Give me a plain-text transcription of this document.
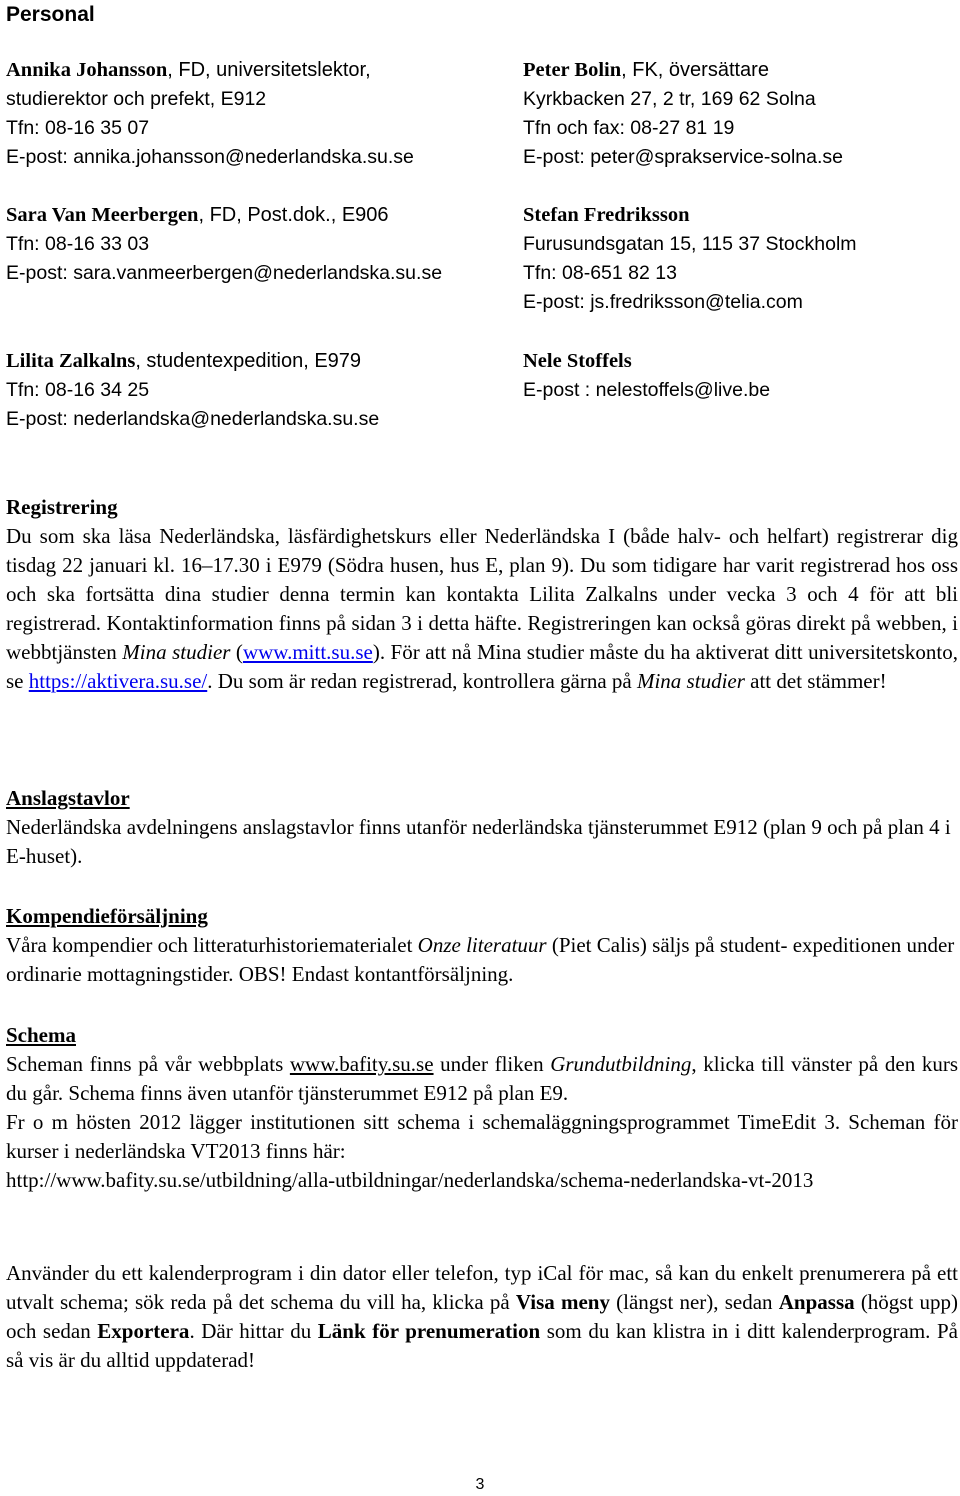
Personal
Annika Johansson, FD, universitetslektor,
studierektor och prefekt, E912
Tfn: 08-16 35 07
E-post: annika.johansson@nederlandska.su.se
Sara Van Meerbergen, FD, Post.dok., E906
Tfn: 08-16 33 03
E-post: sara.vanmeerbergen@nederlandska.su.se
Lilita Zalkalns, studentexpedition, E979
Tfn: 08-16 34 25
E-post: nederlandska@nederlandska.su.se
Peter Bolin, FK, översättare
Kyrkbacken 27, 2 tr, 169 62 Solna
Tfn och fax: 08-27 81 19
E-post: peter@sprakservice-solna.se
Stefan Fredriksson
Furusundsgatan 15, 115 37 Stockholm
Tfn: 08-651 82 13
E-post: js.fredriksson@telia.com
Nele Stoffels
E-post : nelestoffels@live.be

Registrering

Du som ska läsa Nederländska, läsfärdighetskurs eller Nederländska I (både halv- och helfart) registrerar dig tisdag 22 januari kl. 16–17.30 i E979 (Södra husen, hus E, plan 9). Du som tidigare har varit registrerad hos oss och ska fortsätta dina studier denna termin kan kontakta Lilita Zalkalns under vecka 3 och 4 för att bli registrerad. Kontaktinformation finns på sidan 3 i detta häfte. Registreringen kan också göras direkt på webben, i webbtjänsten Mina studier (www.mitt.su.se). För att nå Mina studier måste du ha aktiverat ditt universitetskonto, se https://aktivera.su.se/. Du som är redan registrerad, kontrollera gärna på Mina studier att det stämmer!

Anslagstavlor

Nederländska avdelningens anslagstavlor finns utanför nederländska tjänsterummet E912 (plan 9 och på plan 4 i E-huset).

Kompendieförsäljning

Våra kompendier och litteraturhistoriematerialet Onze literatuur (Piet Calis) säljs på student- expeditionen under ordinarie mottagningstider. OBS! Endast kontantförsäljning.

Schema

Scheman finns på vår webbplats www.bafity.su.se under fliken Grundutbildning, klicka till vänster på den kurs du går. Schema finns även utanför tjänsterummet E912 på plan E9.

Fr o m hösten 2012 lägger institutionen sitt schema i schemaläggningsprogrammet TimeEdit 3. Scheman för kurser i nederländska VT2013 finns här:

http://www.bafity.su.se/utbildning/alla-utbildningar/nederlandska/schema-nederlandska-vt-2013

Använder du ett kalenderprogram i din dator eller telefon, typ iCal för mac, så kan du enkelt prenumerera på ett utvalt schema; sök reda på det schema du vill ha, klicka på Visa meny (längst ner), sedan Anpassa (högst upp) och sedan Exportera. Där hittar du Länk för prenumeration som du kan klistra in i ditt kalenderprogram. På så vis är du alltid uppdaterad!

3
